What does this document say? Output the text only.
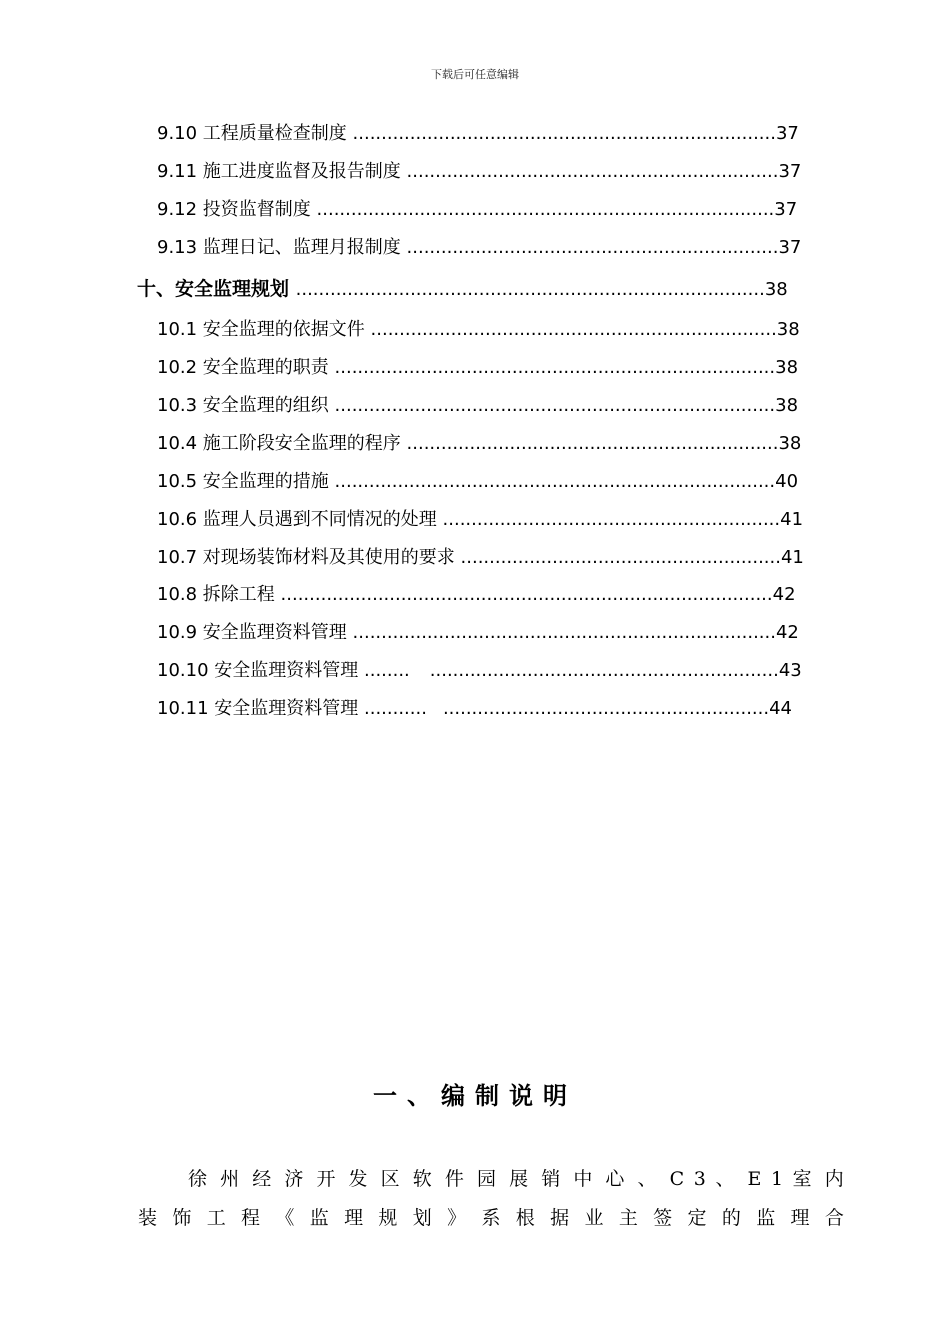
下载后可任意编辑
9.10 工程质量检查制度 ..........................................................................37
9.11 施工进度监督及报告制度 .................................................................37
9.12 投资监督制度 ................................................................................37
9.13 监理日记、监理月报制度 .................................................................37
十、安全监理规划 ..................................................................................38
10.1 安全监理的依据文件 .......................................................................38
10.2 安全监理的职责 .............................................................................38
10.3 安全监理的组织 .............................................................................38
10.4 施工阶段安全监理的程序 .................................................................38
10.5 安全监理的措施 .............................................................................40
10.6 监理人员遇到不同情况的处理 ...........................................................41
10.7 对现场装饰材料及其使用的要求 ........................................................41
10.8 拆除工程 ......................................................................................42
10.9 安全监理资料管理 ..........................................................................42
10.10 安全监理资料管理 ........ .............................................................43
10.11 安全监理资料管理 ........... .........................................................44
一、编制说明
徐 州 经 济 开 发 区 软 件 园 展 销 中 心 、 C 3 、 E 1 室 内
装 饰 工 程 《 监 理 规 划 》 系 根 据 业 主 签 定 的 监 理 合
